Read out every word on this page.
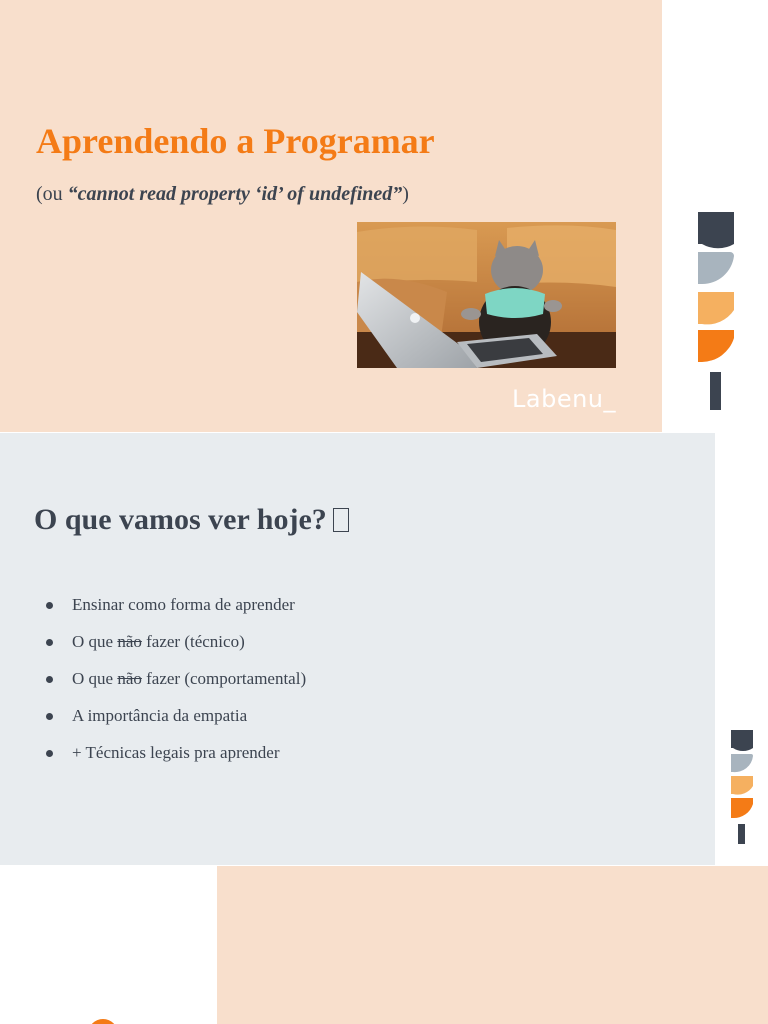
Aprendendo a Programar

(ou “cannot read property ‘id’ of undefined”)

Labenu_
O que vamos ver hoje?
Ensinar como forma de aprender
O que não fazer (técnico)
O que não fazer (comportamental)
A importância da empatia
+ Técnicas legais pra aprender
